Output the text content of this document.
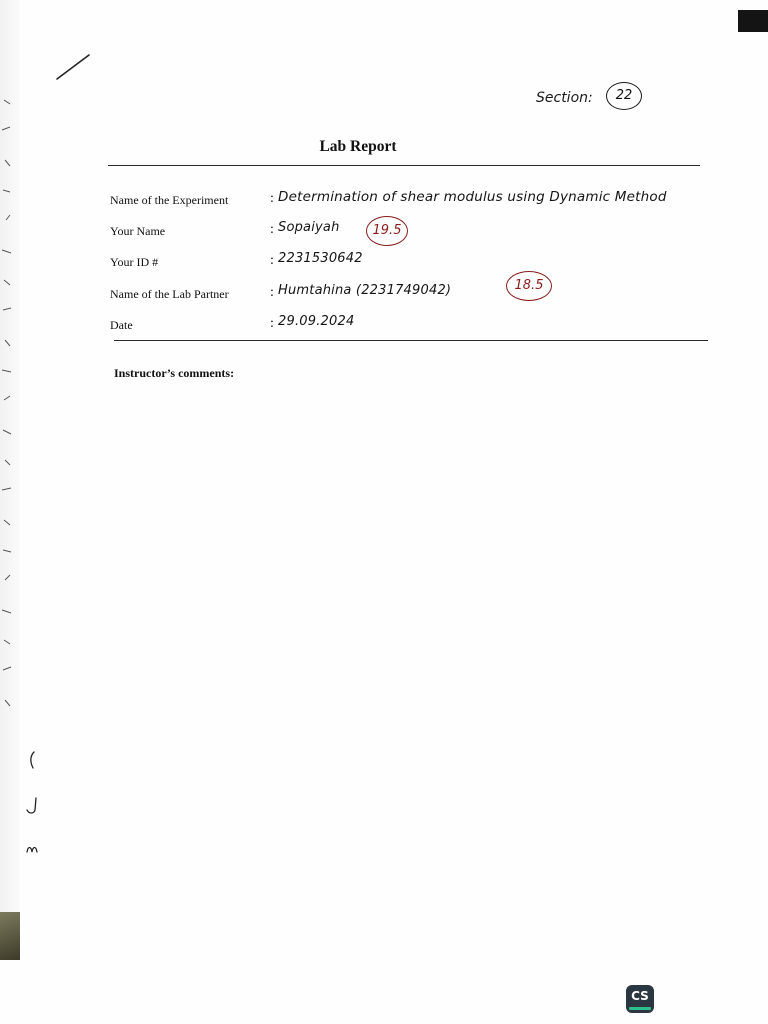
Section:	22
Lab Report
Name of the Experiment	: Determination of shear modulus using Dynamic Method
Your Name	: Sopaiyah	19.5
Your ID #	: 2231530642
Name of the Lab Partner	: Humtahina (2231749042)	18.5
Date	: 29.09.2024
Instructor’s comments:
CS
